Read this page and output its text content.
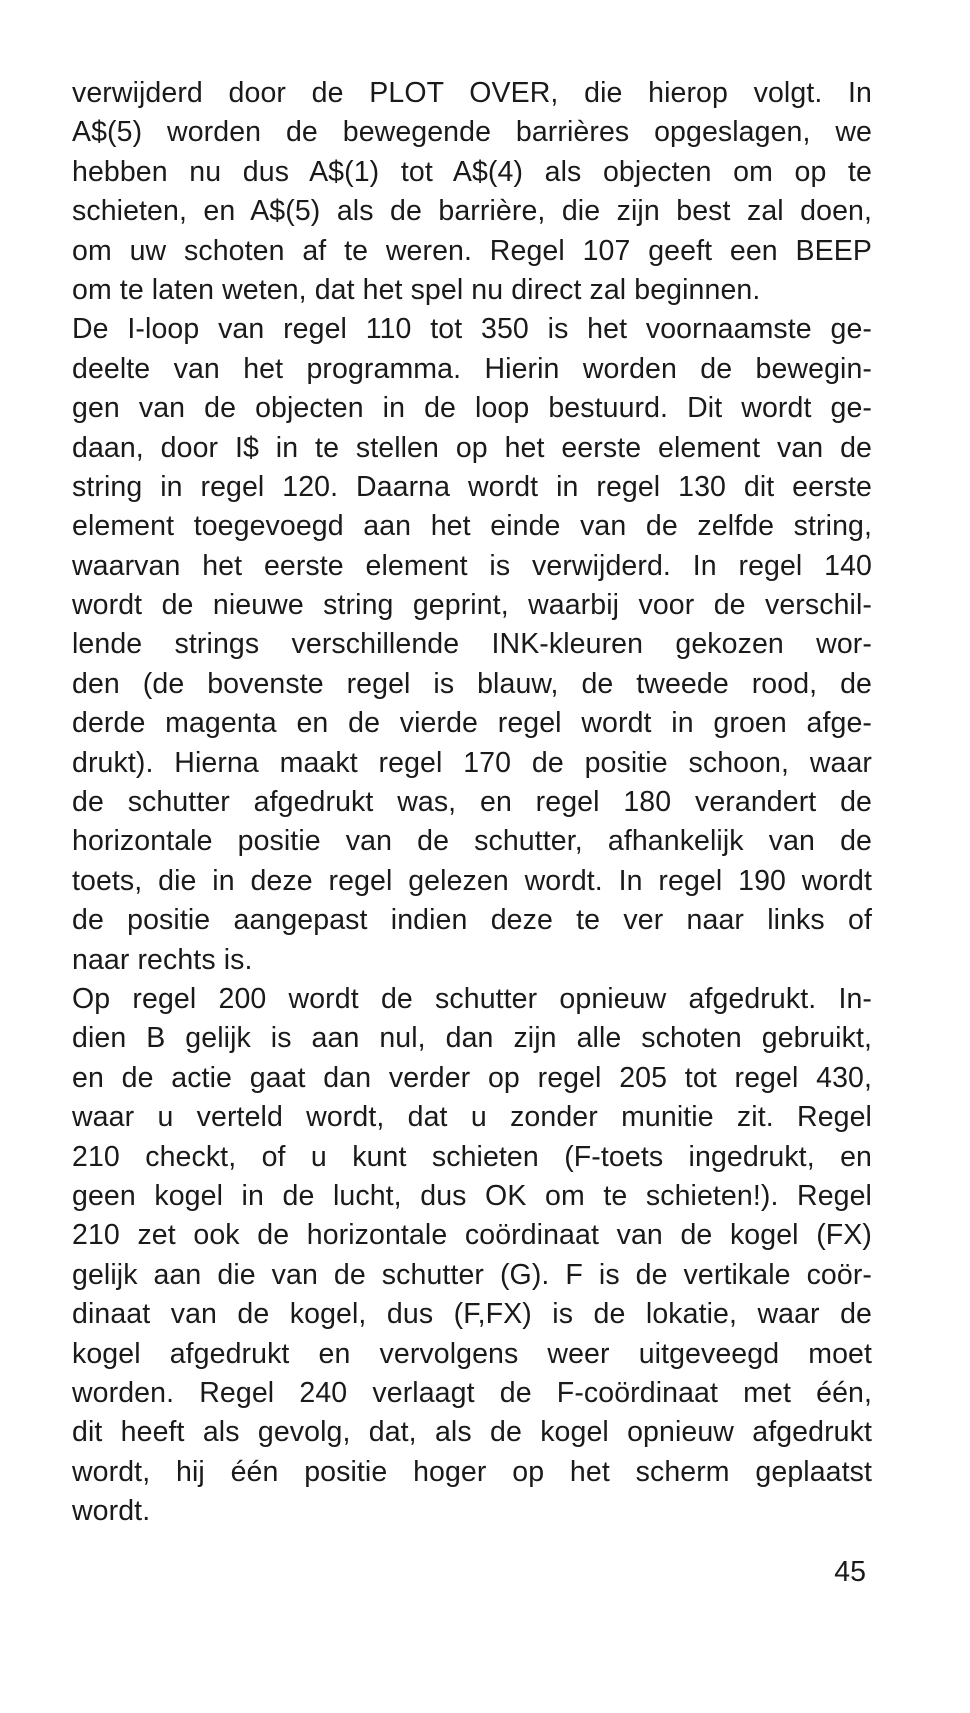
verwijderd door de PLOT OVER, die hierop volgt. In
A$(5) worden de bewegende barrières opgeslagen, we
hebben nu dus A$(1) tot A$(4) als objecten om op te
schieten, en A$(5) als de barrière, die zijn best zal doen,
om uw schoten af te weren. Regel 107 geeft een BEEP
om te laten weten, dat het spel nu direct zal beginnen.
De I-loop van regel 110 tot 350 is het voornaamste ge-
deelte van het programma. Hierin worden de bewegin-
gen van de objecten in de loop bestuurd. Dit wordt ge-
daan, door I$ in te stellen op het eerste element van de
string in regel 120. Daarna wordt in regel 130 dit eerste
element toegevoegd aan het einde van de zelfde string,
waarvan het eerste element is verwijderd. In regel 140
wordt de nieuwe string geprint, waarbij voor de verschil-
lende strings verschillende INK-kleuren gekozen wor-
den (de bovenste regel is blauw, de tweede rood, de
derde magenta en de vierde regel wordt in groen afge-
drukt). Hierna maakt regel 170 de positie schoon, waar
de schutter afgedrukt was, en regel 180 verandert de
horizontale positie van de schutter, afhankelijk van de
toets, die in deze regel gelezen wordt. In regel 190 wordt
de positie aangepast indien deze te ver naar links of
naar rechts is.
Op regel 200 wordt de schutter opnieuw afgedrukt. In-
dien B gelijk is aan nul, dan zijn alle schoten gebruikt,
en de actie gaat dan verder op regel 205 tot regel 430,
waar u verteld wordt, dat u zonder munitie zit. Regel
210 checkt, of u kunt schieten (F-toets ingedrukt, en
geen kogel in de lucht, dus OK om te schieten!). Regel
210 zet ook de horizontale coördinaat van de kogel (FX)
gelijk aan die van de schutter (G). F is de vertikale coör-
dinaat van de kogel, dus (F,FX) is de lokatie, waar de
kogel afgedrukt en vervolgens weer uitgeveegd moet
worden. Regel 240 verlaagt de F-coördinaat met één,
dit heeft als gevolg, dat, als de kogel opnieuw afgedrukt
wordt, hij één positie hoger op het scherm geplaatst
wordt.
45
